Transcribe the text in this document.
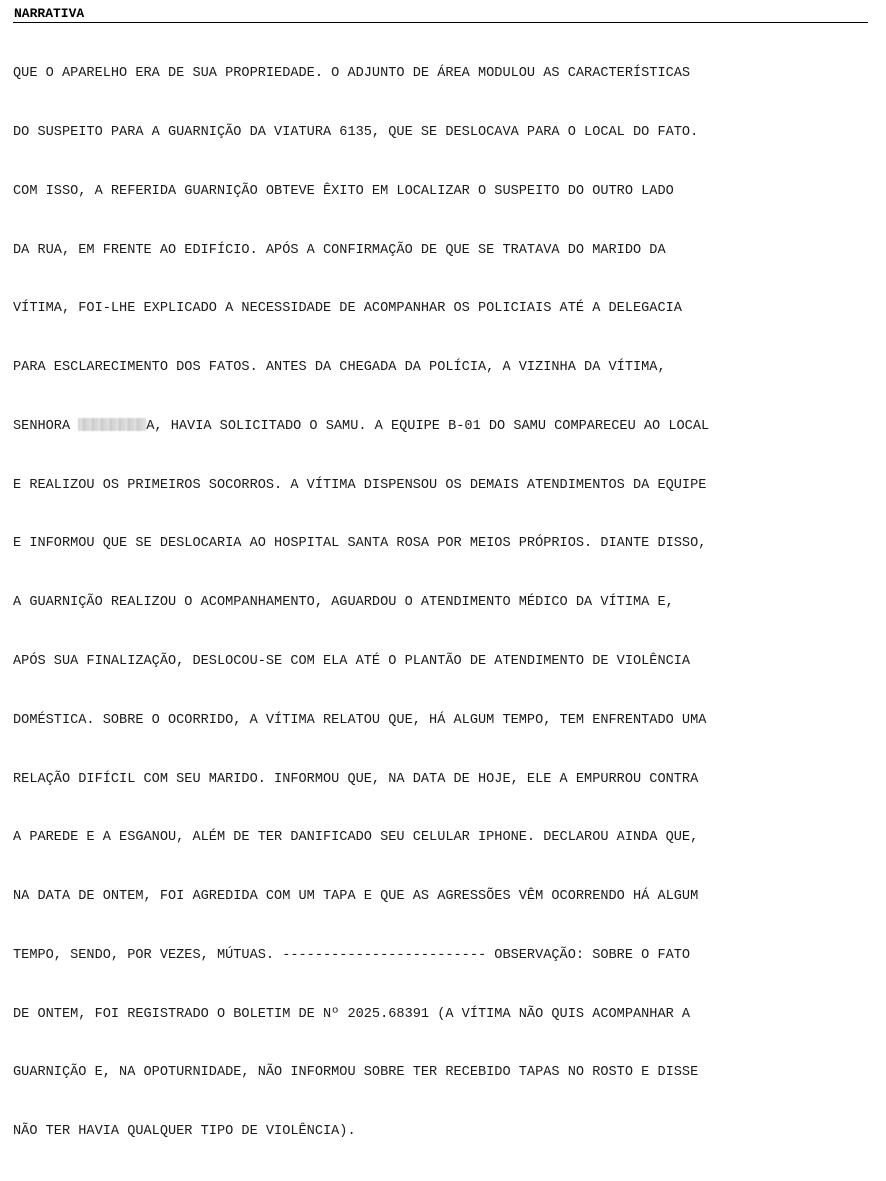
NARRATIVA

QUE O APARELHO ERA DE SUA PROPRIEDADE. O ADJUNTO DE ÁREA MODULOU AS CARACTERÍSTICAS

DO SUSPEITO PARA A GUARNIÇÃO DA VIATURA 6135, QUE SE DESLOCAVA PARA O LOCAL DO FATO.

COM ISSO, A REFERIDA GUARNIÇÃO OBTEVE ÊXITO EM LOCALIZAR O SUSPEITO DO OUTRO LADO

DA RUA, EM FRENTE AO EDIFÍCIO. APÓS A CONFIRMAÇÃO DE QUE SE TRATAVA DO MARIDO DA

VÍTIMA, FOI-LHE EXPLICADO A NECESSIDADE DE ACOMPANHAR OS POLICIAIS ATÉ A DELEGACIA

PARA ESCLARECIMENTO DOS FATOS. ANTES DA CHEGADA DA POLÍCIA, A VIZINHA DA VÍTIMA,

SENHORA	A, HAVIA SOLICITADO O SAMU. A EQUIPE B-01 DO SAMU COMPARECEU AO LOCAL

E REALIZOU OS PRIMEIROS SOCORROS. A VÍTIMA DISPENSOU OS DEMAIS ATENDIMENTOS DA EQUIPE

E INFORMOU QUE SE DESLOCARIA AO HOSPITAL SANTA ROSA POR MEIOS PRÓPRIOS. DIANTE DISSO,

A GUARNIÇÃO REALIZOU O ACOMPANHAMENTO, AGUARDOU O ATENDIMENTO MÉDICO DA VÍTIMA E,

APÓS SUA FINALIZAÇÃO, DESLOCOU-SE COM ELA ATÉ O PLANTÃO DE ATENDIMENTO DE VIOLÊNCIA

DOMÉSTICA. SOBRE O OCORRIDO, A VÍTIMA RELATOU QUE, HÁ ALGUM TEMPO, TEM ENFRENTADO UMA

RELAÇÃO DIFÍCIL COM SEU MARIDO. INFORMOU QUE, NA DATA DE HOJE, ELE A EMPURROU CONTRA

A PAREDE E A ESGANOU, ALÉM DE TER DANIFICADO SEU CELULAR IPHONE. DECLAROU AINDA QUE,

NA DATA DE ONTEM, FOI AGREDIDA COM UM TAPA E QUE AS AGRESSÕES VÊM OCORRENDO HÁ ALGUM

TEMPO, SENDO, POR VEZES, MÚTUAS. ------------------------- OBSERVAÇÃO: SOBRE O FATO

DE ONTEM, FOI REGISTRADO O BOLETIM DE Nº 2025.68391 (A VÍTIMA NÃO QUIS ACOMPANHAR A

GUARNIÇÃO E, NA OPOTURNIDADE, NÃO INFORMOU SOBRE TER RECEBIDO TAPAS NO ROSTO E DISSE

NÃO TER HAVIA QUALQUER TIPO DE VIOLÊNCIA).
